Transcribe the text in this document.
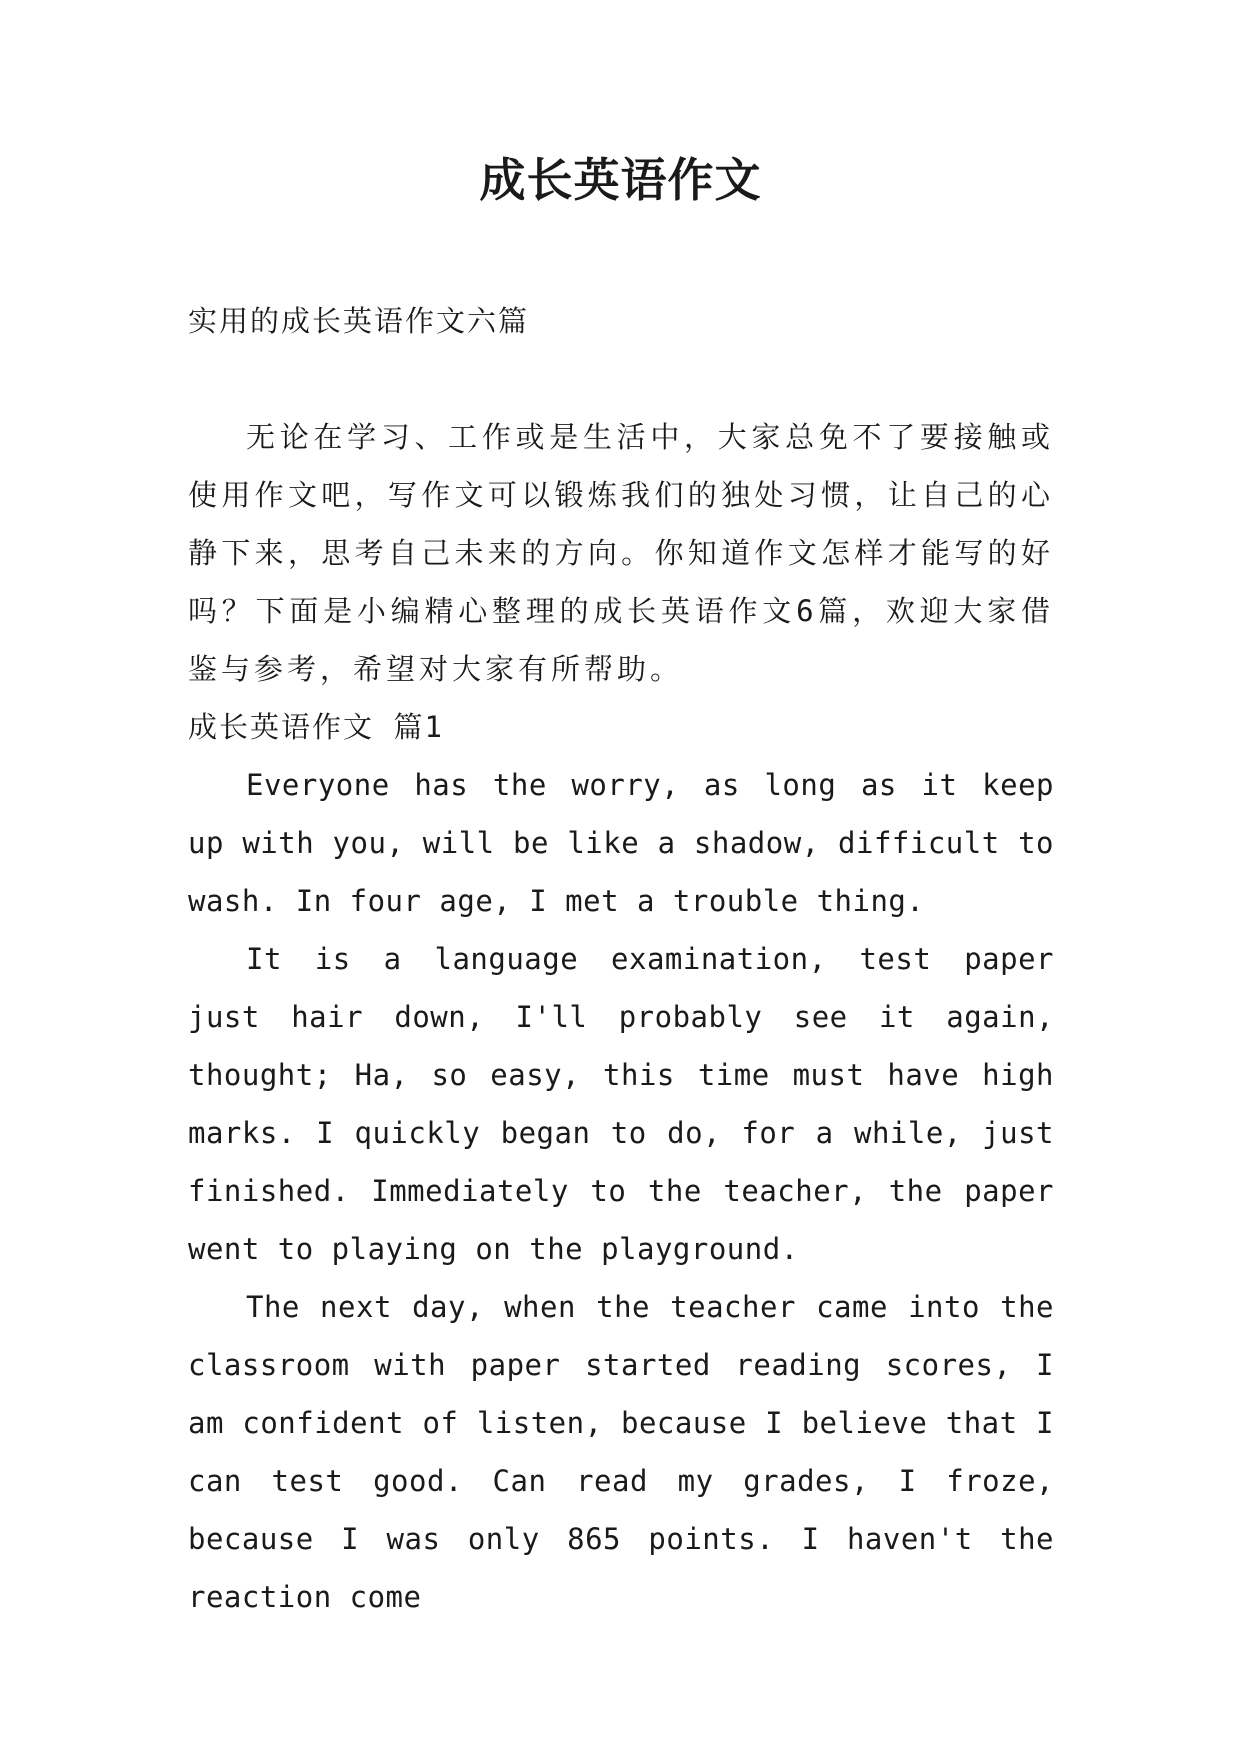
成长英语作文

实用的成长英语作文六篇

无论在学习、工作或是生活中，大家总免不了要接触或使用作文吧，写作文可以锻炼我们的独处习惯，让自己的心静下来，思考自己未来的方向。你知道作文怎样才能写的好吗？下面是小编精心整理的成长英语作文6篇，欢迎大家借鉴与参考，希望对大家有所帮助。

成长英语作文 篇1

Everyone has the worry, as long as it keep up with you, will be like a shadow, difficult to wash. In four age, I met a trouble thing.

It is a language examination, test paper just hair down, I'll probably see it again, thought; Ha, so easy, this time must have high marks. I quickly began to do, for a while, just finished. Immediately to the teacher, the paper went to playing on the playground.

The next day, when the teacher came into the classroom with paper started reading scores, I am confident of listen, because I believe that I can test good. Can read my grades, I froze, because I was only 865 points. I haven't the reaction come
